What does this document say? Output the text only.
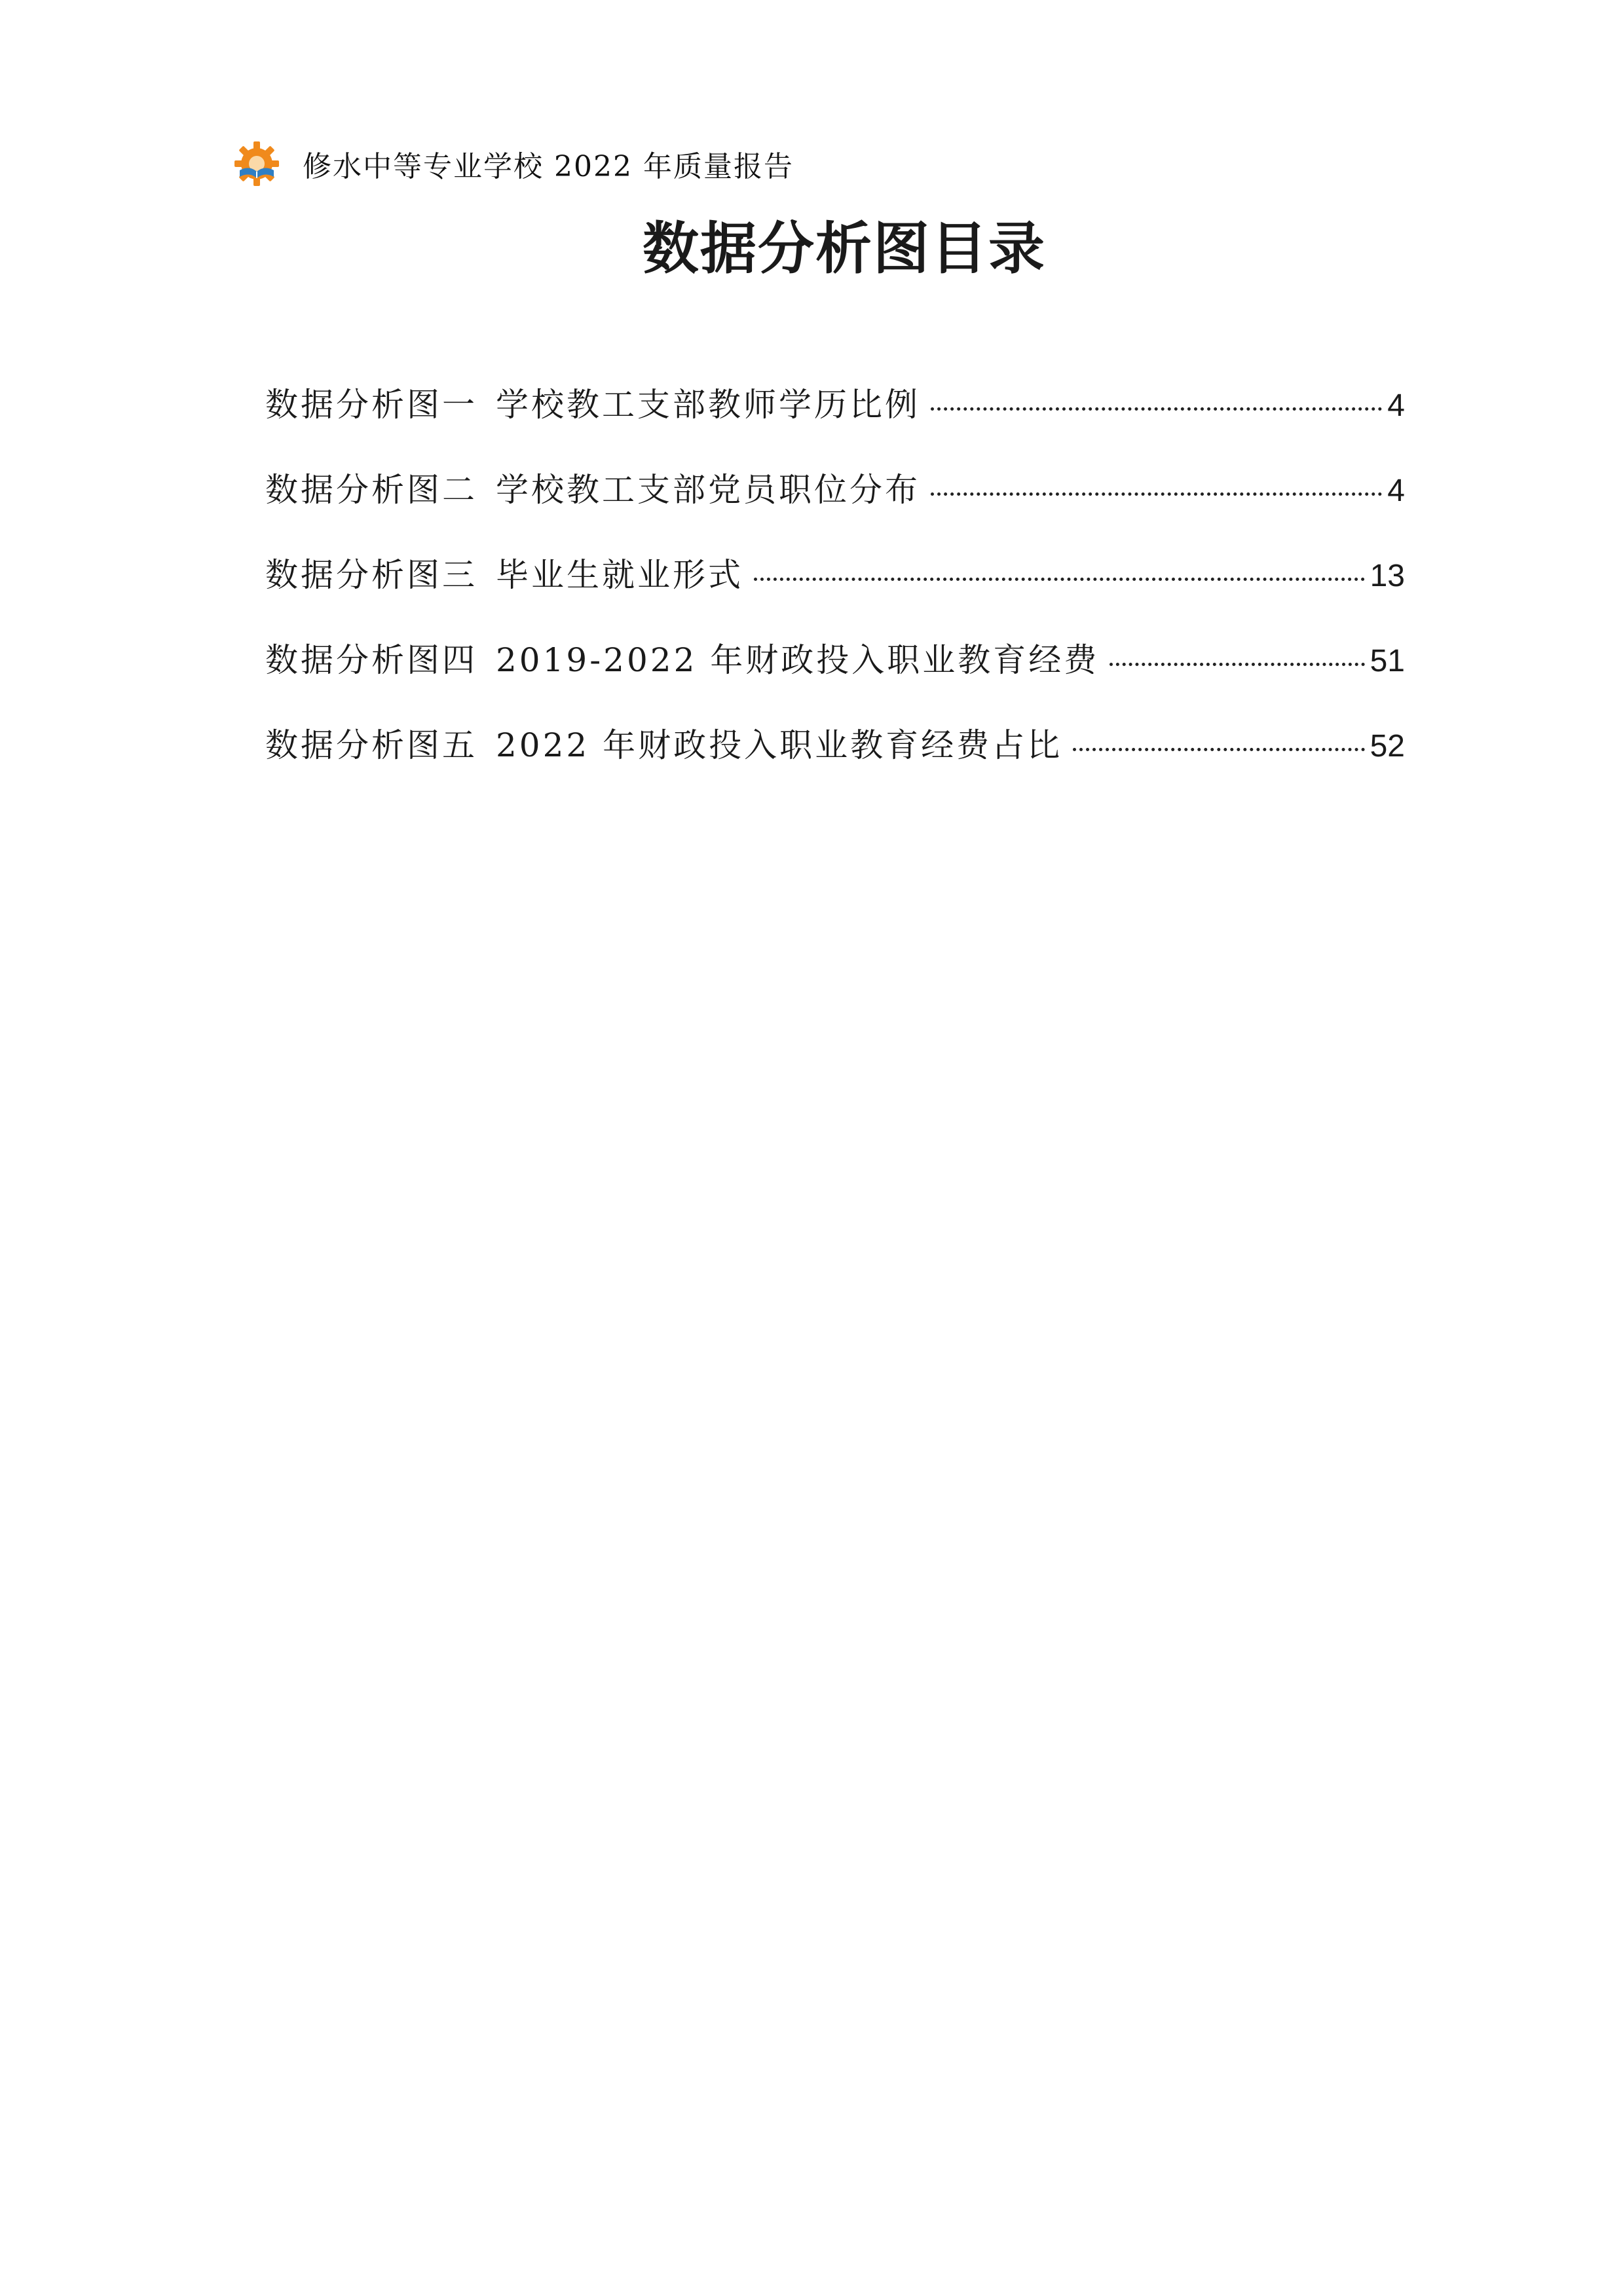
修水中等专业学校 2022 年质量报告
数据分析图目录
数据分析图一 学校教工支部教师学历比例	4
数据分析图二 学校教工支部党员职位分布	4
数据分析图三 毕业生就业形式	13
数据分析图四 2019-2022 年财政投入职业教育经费	51
数据分析图五 2022 年财政投入职业教育经费占比	52
